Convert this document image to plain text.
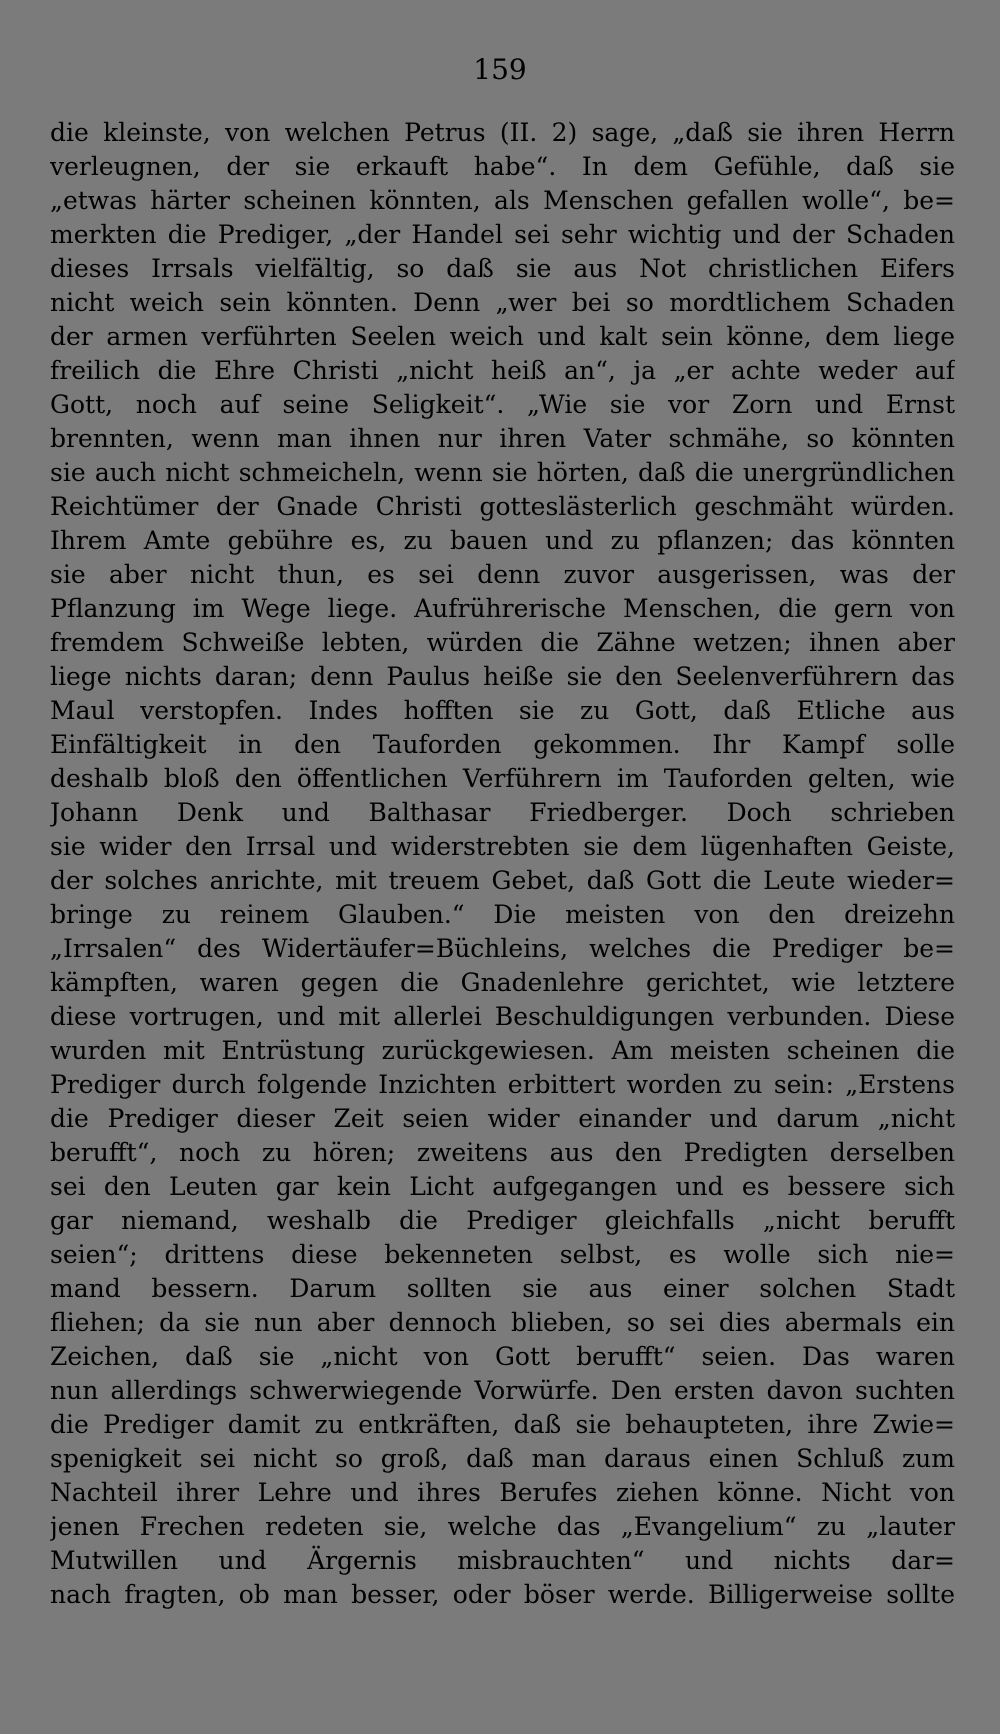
159
die kleinste, von welchen Petrus (II. 2) sage, „daß sie ihren Herrn
verleugnen, der sie erkauft habe“. In dem Gefühle, daß sie
„etwas härter scheinen könnten, als Menschen gefallen wolle“, be=
merkten die Prediger, „der Handel sei sehr wichtig und der Schaden
dieses Irrsals vielfältig, so daß sie aus Not christlichen Eifers
nicht weich sein könnten. Denn „wer bei so mordtlichem Schaden
der armen verführten Seelen weich und kalt sein könne, dem liege
freilich die Ehre Christi „nicht heiß an“, ja „er achte weder auf
Gott, noch auf seine Seligkeit“. „Wie sie vor Zorn und Ernst
brennten, wenn man ihnen nur ihren Vater schmähe, so könnten
sie auch nicht schmeicheln, wenn sie hörten, daß die unergründlichen
Reichtümer der Gnade Christi gotteslästerlich geschmäht würden.
Ihrem Amte gebühre es, zu bauen und zu pflanzen; das könnten
sie aber nicht thun, es sei denn zuvor ausgerissen, was der
Pflanzung im Wege liege. Aufrührerische Menschen, die gern von
fremdem Schweiße lebten, würden die Zähne wetzen; ihnen aber
liege nichts daran; denn Paulus heiße sie den Seelenverführern das
Maul verstopfen. Indes hofften sie zu Gott, daß Etliche aus
Einfältigkeit in den Tauforden gekommen. Ihr Kampf solle
deshalb bloß den öffentlichen Verführern im Tauforden gelten, wie
Johann Denk und Balthasar Friedberger. Doch schrieben
sie wider den Irrsal und widerstrebten sie dem lügenhaften Geiste,
der solches anrichte, mit treuem Gebet, daß Gott die Leute wieder=
bringe zu reinem Glauben.“ Die meisten von den dreizehn
„Irrsalen“ des Widertäufer=Büchleins, welches die Prediger be=
kämpften, waren gegen die Gnadenlehre gerichtet, wie letztere
diese vortrugen, und mit allerlei Beschuldigungen verbunden. Diese
wurden mit Entrüstung zurückgewiesen. Am meisten scheinen die
Prediger durch folgende Inzichten erbittert worden zu sein: „Erstens
die Prediger dieser Zeit seien wider einander und darum „nicht
berufft“, noch zu hören; zweitens aus den Predigten derselben
sei den Leuten gar kein Licht aufgegangen und es bessere sich
gar niemand, weshalb die Prediger gleichfalls „nicht berufft
seien“; drittens diese bekenneten selbst, es wolle sich nie=
mand bessern. Darum sollten sie aus einer solchen Stadt
fliehen; da sie nun aber dennoch blieben, so sei dies abermals ein
Zeichen, daß sie „nicht von Gott berufft“ seien. Das waren
nun allerdings schwerwiegende Vorwürfe. Den ersten davon suchten
die Prediger damit zu entkräften, daß sie behaupteten, ihre Zwie=
spenigkeit sei nicht so groß, daß man daraus einen Schluß zum
Nachteil ihrer Lehre und ihres Berufes ziehen könne. Nicht von
jenen Frechen redeten sie, welche das „Evangelium“ zu „lauter
Mutwillen und Ärgernis misbrauchten“ und nichts dar=
nach fragten, ob man besser, oder böser werde. Billigerweise sollte
